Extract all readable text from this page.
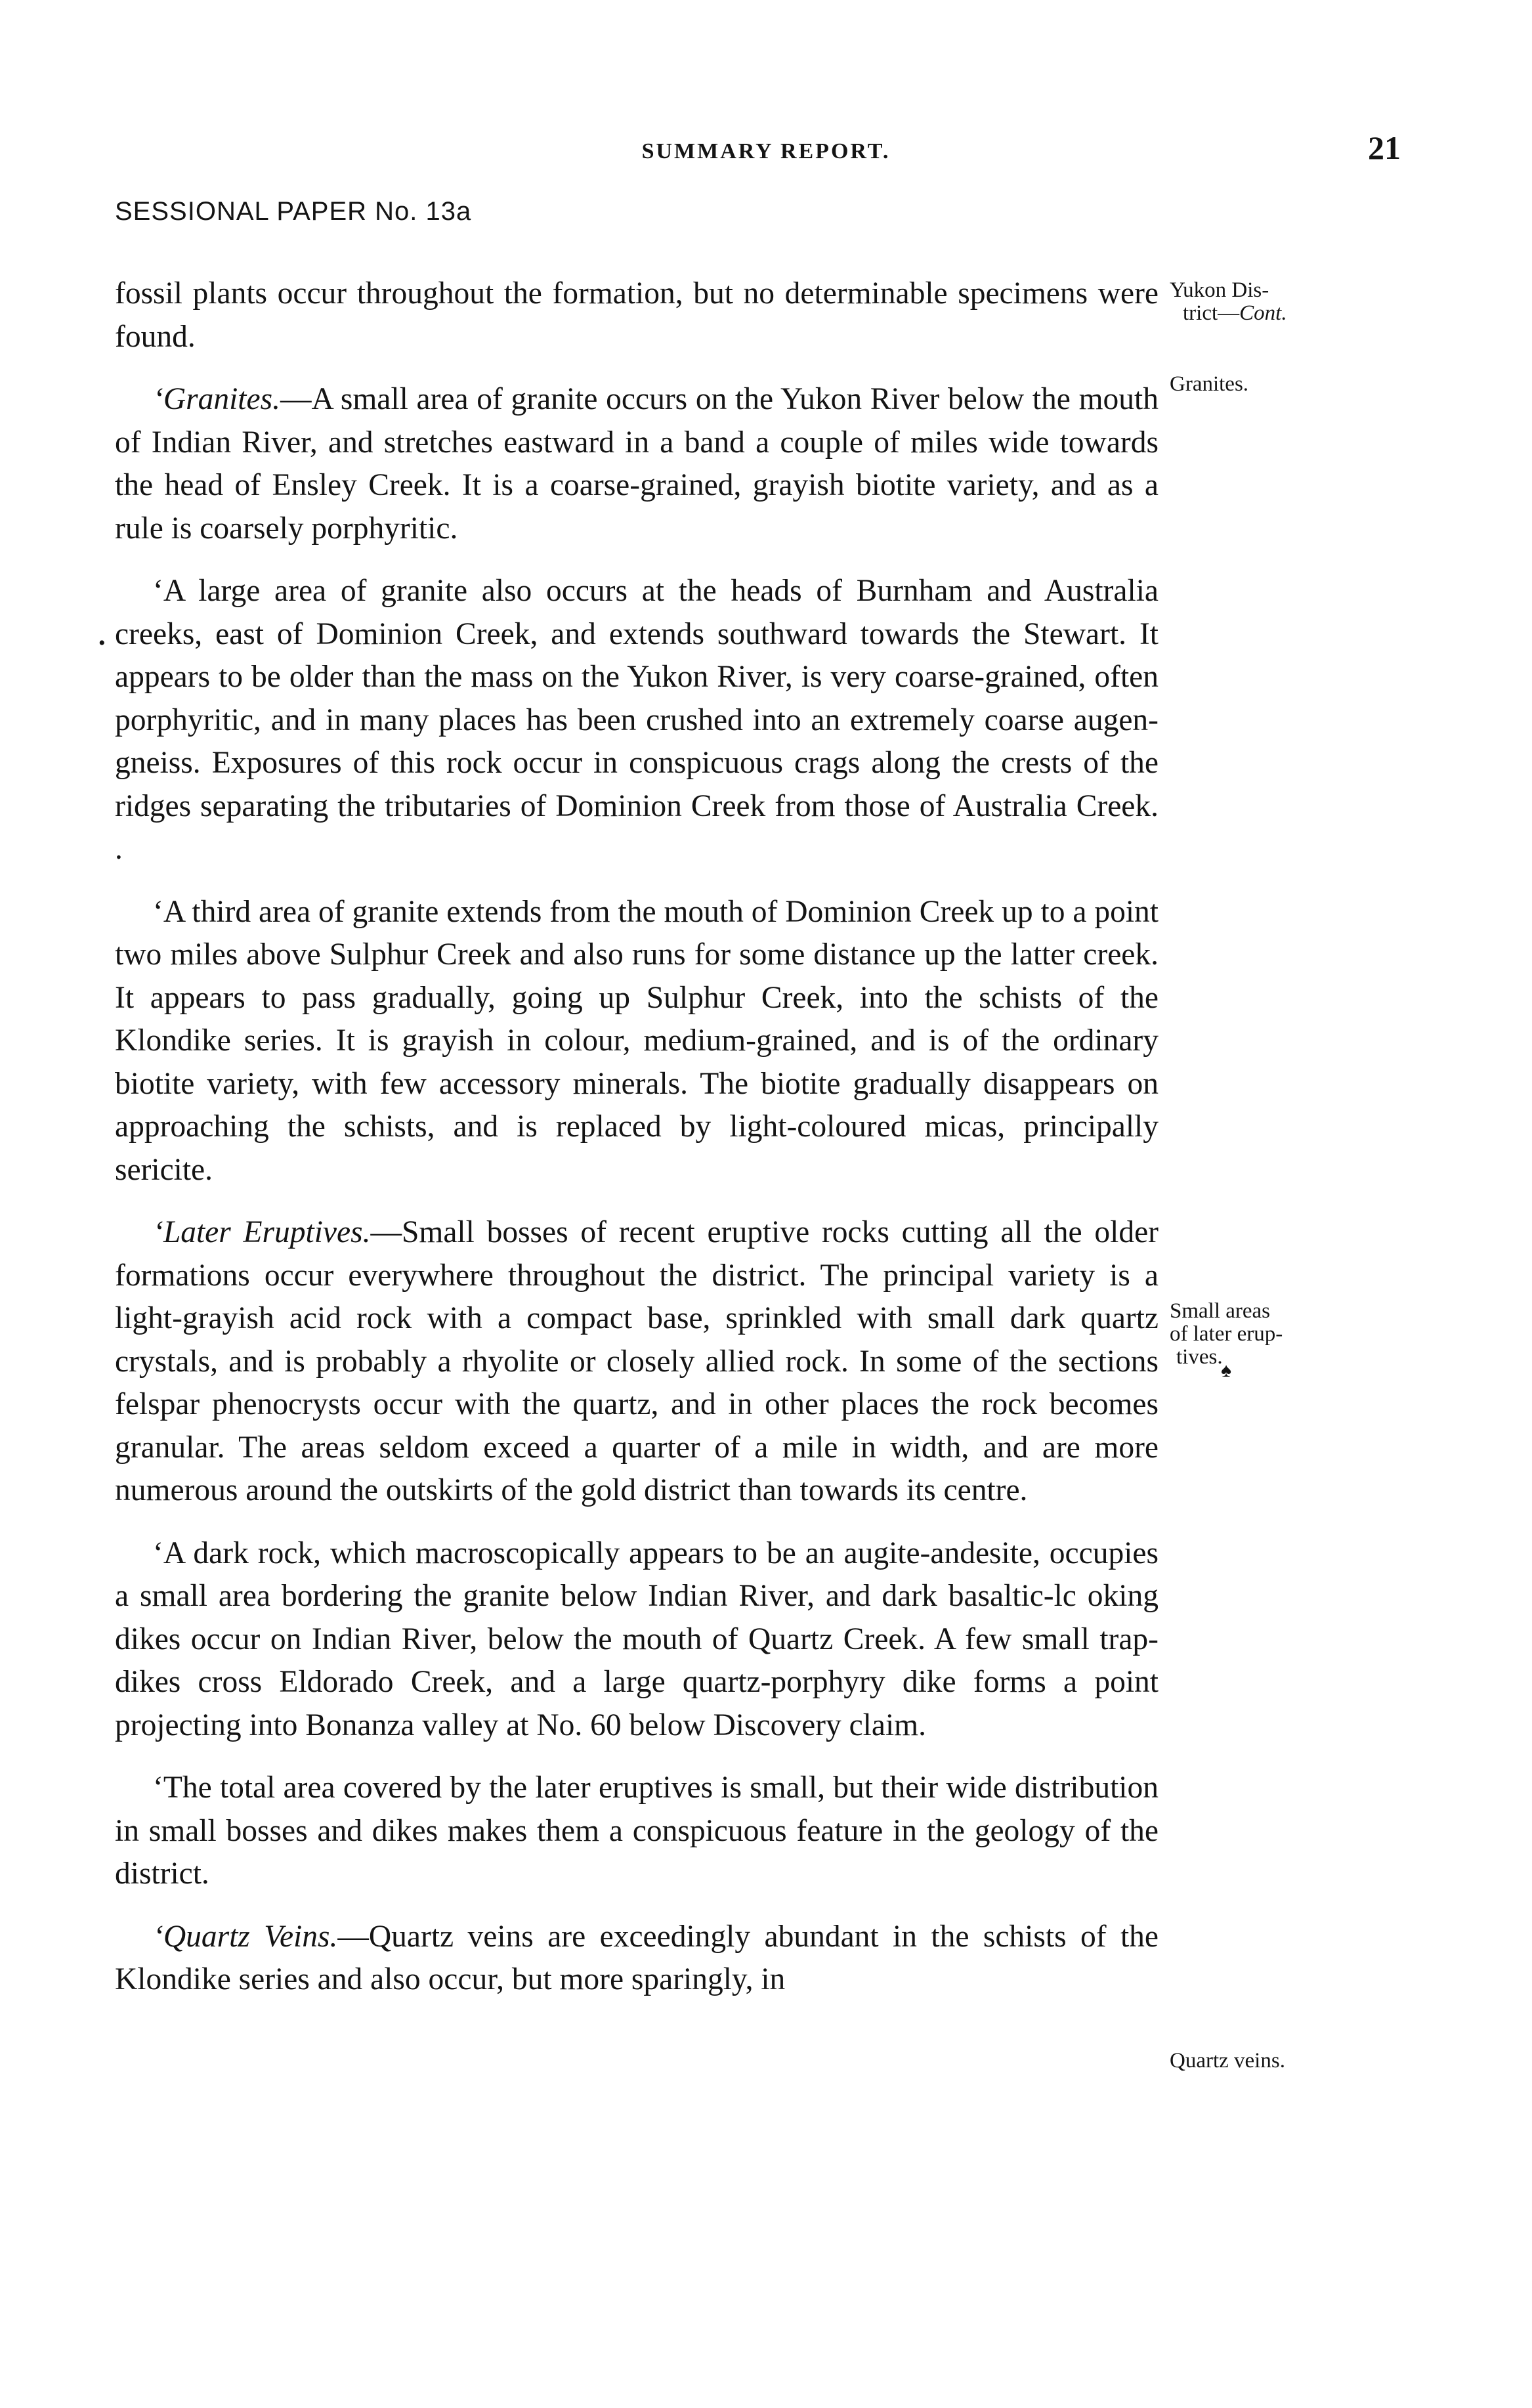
SUMMARY REPORT.	21
SESSIONAL PAPER No. 13a

fossil plants occur throughout the formation, but no determinable specimens were found.

‘Granites.—A small area of granite occurs on the Yukon River below the mouth of Indian River, and stretches eastward in a band a couple of miles wide towards the head of Ensley Creek. It is a coarse-grained, grayish biotite variety, and as a rule is coarsely porphyritic.

‘A large area of granite also occurs at the heads of Burnham and Australia creeks, east of Dominion Creek, and extends southward towards the Stewart. It appears to be older than the mass on the Yukon River, is very coarse-grained, often porphyritic, and in many places has been crushed into an extremely coarse augen-gneiss. Exposures of this rock occur in conspicuous crags along the crests of the ridges separating the tributaries of Dominion Creek from those of Australia Creek. .

‘A third area of granite extends from the mouth of Dominion Creek up to a point two miles above Sulphur Creek and also runs for some distance up the latter creek. It appears to pass gradually, going up Sulphur Creek, into the schists of the Klondike series. It is grayish in colour, medium-grained, and is of the ordinary biotite variety, with few accessory minerals. The biotite gradually disappears on approaching the schists, and is replaced by light-coloured micas, principally sericite.

‘Later Eruptives.—Small bosses of recent eruptive rocks cutting all the older formations occur everywhere throughout the district. The principal variety is a light-grayish acid rock with a compact base, sprinkled with small dark quartz crystals, and is probably a rhyolite or closely allied rock. In some of the sections felspar phenocrysts occur with the quartz, and in other places the rock becomes granular. The areas seldom exceed a quarter of a mile in width, and are more numerous around the outskirts of the gold district than towards its centre.

‘A dark rock, which macroscopically appears to be an augite-andesite, occupies a small area bordering the granite below Indian River, and dark basaltic-lc oking dikes occur on Indian River, below the mouth of Quartz Creek. A few small trap-dikes cross Eldorado Creek, and a large quartz-porphyry dike forms a point projecting into Bonanza valley at No. 60 below Discovery claim.

‘The total area covered by the later eruptives is small, but their wide distribution in small bosses and dikes makes them a conspicuous feature in the geology of the district.

‘Quartz Veins.—Quartz veins are exceedingly abundant in the schists of the Klondike series and also occur, but more sparingly, in

Yukon Dis-
trict—Cont.
Granites.
Small areas
of later erup-
tives.
Quartz veins.
•
♠
